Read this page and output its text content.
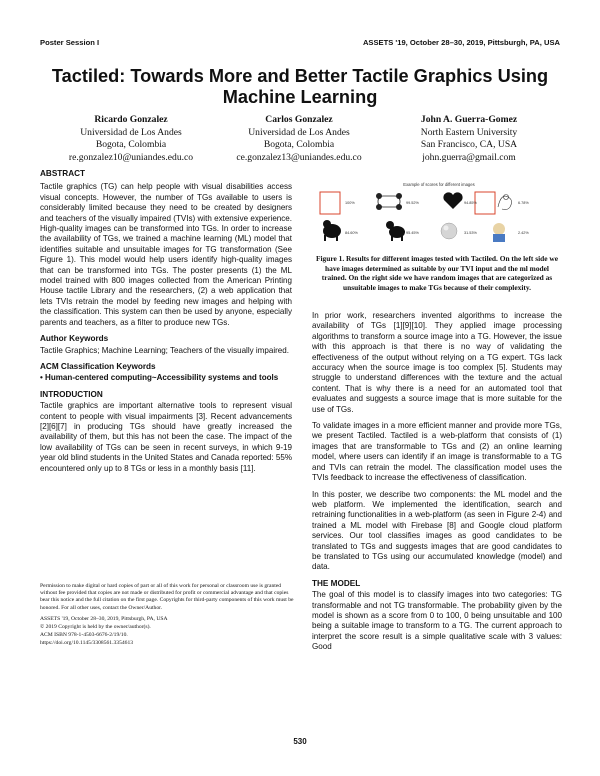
Poster Session I	ASSETS '19, October 28–30, 2019, Pittsburgh, PA, USA
Tactiled: Towards More and Better Tactile Graphics Using Machine Learning
Ricardo Gonzalez
Universidad de Los Andes
Bogota, Colombia
re.gonzalez10@uniandes.edu.co
Carlos Gonzalez
Universidad de Los Andes
Bogota, Colombia
ce.gonzalez13@uniandes.edu.co
John A. Guerra-Gomez
North Eastern University
San Francisco, CA, USA
john.guerra@gmail.com
ABSTRACT

Tactile graphics (TG) can help people with visual disabilities access visual concepts. However, the number of TGs available to users is considerably limited because they need to be created by designers and teachers of the visually impaired (TVIs) with extensive experience. High-quality images can be transformed into TGs. In order to increase the availability of TGs, we trained a machine learning (ML) model that identifies suitable and unsuitable images for TG transformation (See Figure 1). This model would help users identify high-quality images that can be transformed into TGs. The poster presents (1) the ML model trained with 800 images collected from the American Printing House tactile Library and the researchers, (2) a web application that lets TVIs retrain the model by feeding new images and helping with the classification. This system can then be used by anyone, especially parents and teachers, as a filter to produce new TGs.

Author Keywords

Tactile Graphics; Machine Learning; Teachers of the visually impaired.

ACM Classification Keywords

• Human-centered computing~Accessibility systems and tools

INTRODUCTION

Tactile graphics are important alternative tools to represent visual content to people with visual impairments [3]. Recent advancements [2][6][7] in producing TGs should have greatly increased the availability of them, but this has not been the case. The impact of the low availability of TGs can be seen in recent surveys, in which 9-19 year old blind students in the United States and Canada reported: 55% encountered only up to 8 TGs or less in a monthly basis [11].

Permission to make digital or hard copies of part or all of this work for personal or classroom use is granted without fee provided that copies are not made or distributed for profit or commercial advantage and that copies bear this notice and the full citation on the first page. Copyrights for third-party components of this work must be honored. For all other uses, contact the Owner/Author.

ASSETS '19, October 28–30, 2019, Pittsburgh, PA, USA

© 2019 Copyright is held by the owner/author(s).

ACM ISBN 978-1-4503-6676-2/19/10.

https://doi.org/10.1145/3308561.3354613

Example of scores for different images
100%	99.52%	94.85%	6.78%
84.60%	95.45%	31.53%	2.42%
Figure 1. Results for different images tested with Tactiled. On the left side we have images determined as suitable by our TVI input and the ml model trained. On the right side we have random images that are categorized as unsuitable images to make TGs because of their complexity.

In prior work, researchers invented algorithms to increase the availability of TGs [1][9][10]. They applied image processing algorithms to transform a source image into a TG. However, the issue with this approach is that there is no way of validating the effectiveness of the output without relying on a TG expert. TGs lack accuracy when the source image is too complex [5]. Students may struggle to understand differences with the texture and the actual content. That is why there is a need for an automated tool that evaluates and suggests a source image that is more suitable for the use of TGs.

To validate images in a more efficient manner and provide more TGs, we present Tactiled. Tactiled is a web-platform that consists of (1) images that are transformable to TGs and (2) an online learning model, where users can identify if an image is transformable to a TG and TVIs can retrain the model. The classification model uses the TVIs feedback to increase the effectiveness of classification.

In this poster, we describe two components: the ML model and the web platform. We implemented the identification, search and retraining functionalities in a web-platform (as seen in Figure 2-4) and trained a ML model with Firebase [8] and Google cloud platform services. Our tool classifies images as good candidates to be translated to TGs and suggests images that are good candidates to be translated to TGs using our accumulated knowledge (model) and data.

THE MODEL

The goal of this model is to classify images into two categories: TG transformable and not TG transformable. The probability given by the model is shown as a score from 0 to 100, 0 being unsuitable and 100 being a suitable image to transform to a TG. The current approach to interpret the score result is a simple qualitative scale with 3 values: Good

530
